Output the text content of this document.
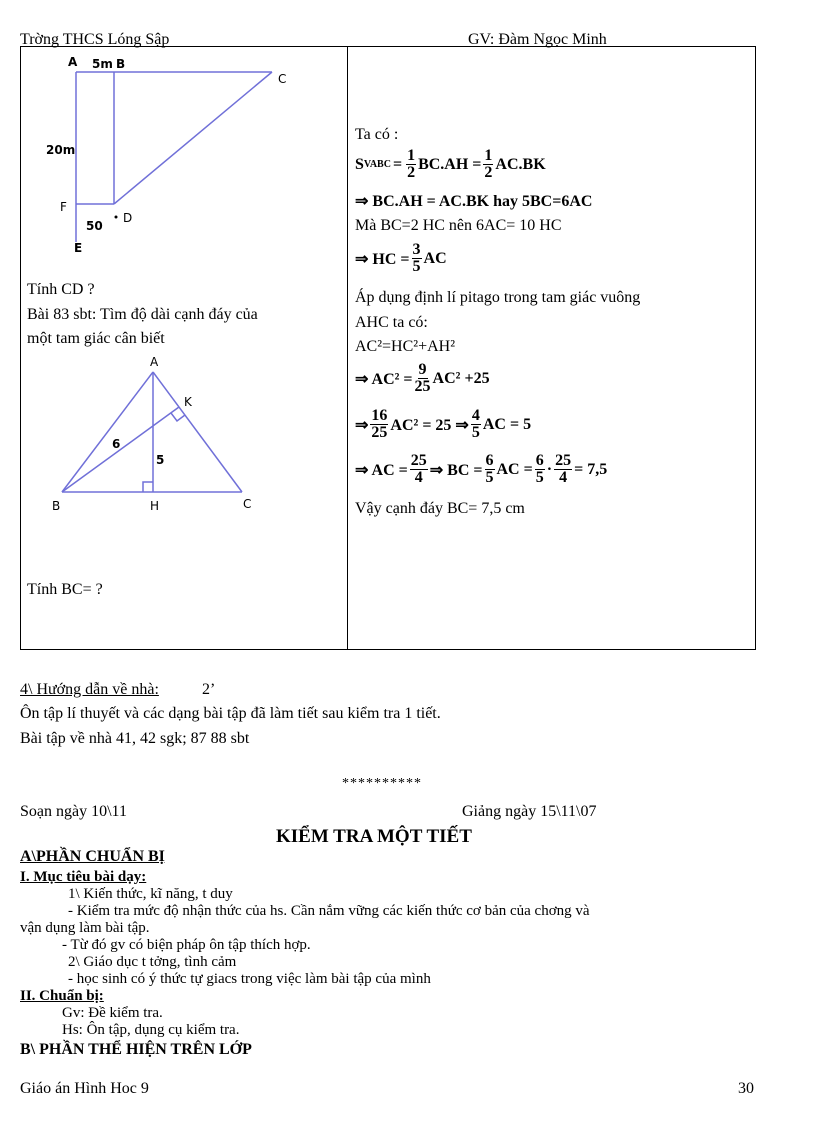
Trờng THCS Lóng Sập	GV: Đàm Ngọc Minh

A 5m B
C
20m
F
50
D
E
Tính CD ?
Bài 83 sbt: Tìm độ dài cạnh đáy của
một tam giác cân biết
A
K
6
5
B	H	C
Tính BC= ?
Ta có :
S VABC = $\frac{1}{2} BC.AH = \frac{1}{2} AC.BK$
⇒ BC.AH = AC.BK hay 5BC=6AC
Mà BC=2 HC nên 6AC= 10 HC
⇒ HC = $\frac{3}{5}$ AC
Áp dụng định lí pitago trong tam giác vuông
AHC ta có:
AC²=HC²+AH²
⇒ $AC^2 = \frac{9}{25} AC^2 +25$
⇒ $\frac{16}{25} AC^2 = 25$ ⇒ $\frac{4}{5}$ AC = 5
⇒ AC = $\frac{25}{4}$ ⇒ BC = $\frac{6}{5}$ AC = $\frac{6}{5} \cdot \frac{25}{4} = 7,5$
Vậy cạnh đáy BC= 7,5 cm
4\ Hướng dẫn về nhà:	2’
Ôn tập lí thuyết và các dạng bài tập đã làm tiết sau kiểm tra 1 tiết.
Bài tập về nhà 41, 42 sgk; 87 88 sbt
**********
Soạn ngày 10\11	Giảng ngày 15\11\07
KIỂM TRA MỘT TIẾT
A\PHẦN CHUẨN BỊ
I. Mục tiêu bài dạy:
1\ Kiến thức, kĩ năng, t duy
- Kiểm tra mức độ nhận thức của hs. Cần nắm vững các kiến thức cơ bản của chơng và
vận dụng làm bài tập.
- Từ đó gv có biện pháp ôn tập thích hợp.
2\ Giáo dục t tởng, tình cảm
- học sinh có ý thức tự giacs trong việc làm bài tập của mình
II. Chuẩn bị:
Gv: Đề kiểm tra.
Hs: Ôn tập, dụng cụ kiểm tra.
B\ PHẦN THỂ HIỆN TRÊN LỚP
Giáo án Hình Hoc 9	30
